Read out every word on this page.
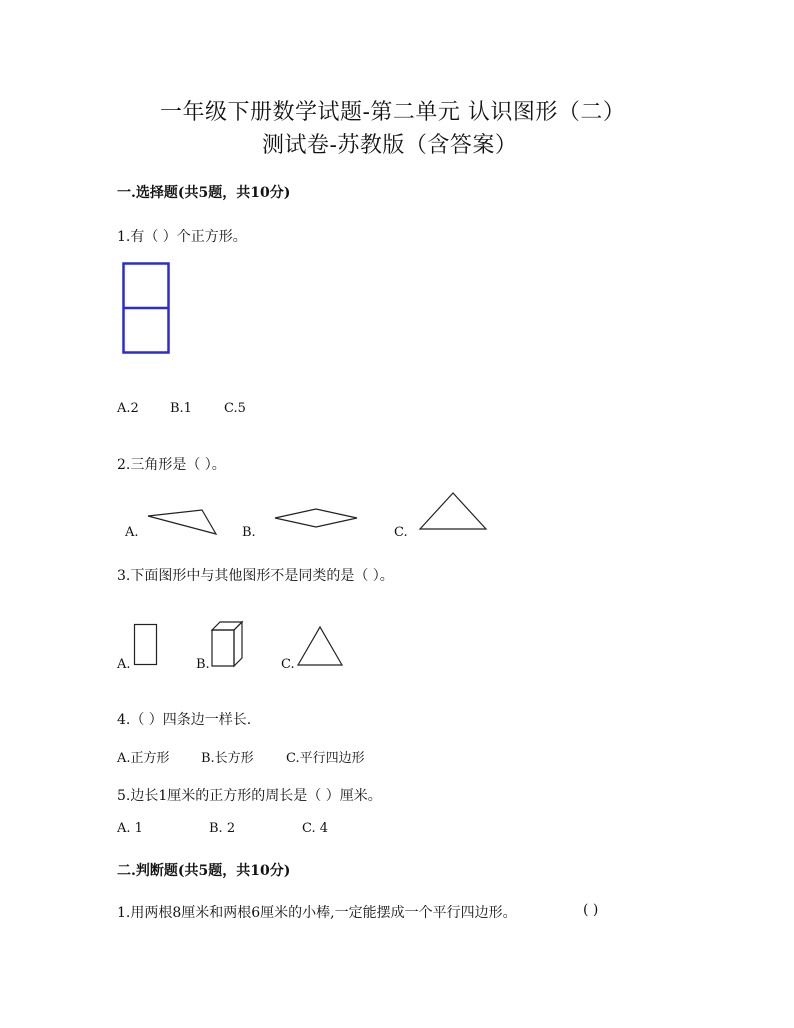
一年级下册数学试题-第二单元 认识图形（二）
测试卷-苏教版（含答案）
一.选择题(共5题，共10分)
1.有（ ）个正方形。
A.2 B.1 C.5
2.三角形是（ ）。
A.	B.	C.
3.下面图形中与其他图形不是同类的是（ ）。
A.	B.	C.
4.（ ）四条边一样长.
A.正方形 B.长方形 C.平行四边形
5.边长1厘米的正方形的周长是（ ）厘米。
A. 1	B. 2	C. 4
二.判断题(共5题，共10分)
1.用两根8厘米和两根6厘米的小棒,一定能摆成一个平行四边形。	( )
